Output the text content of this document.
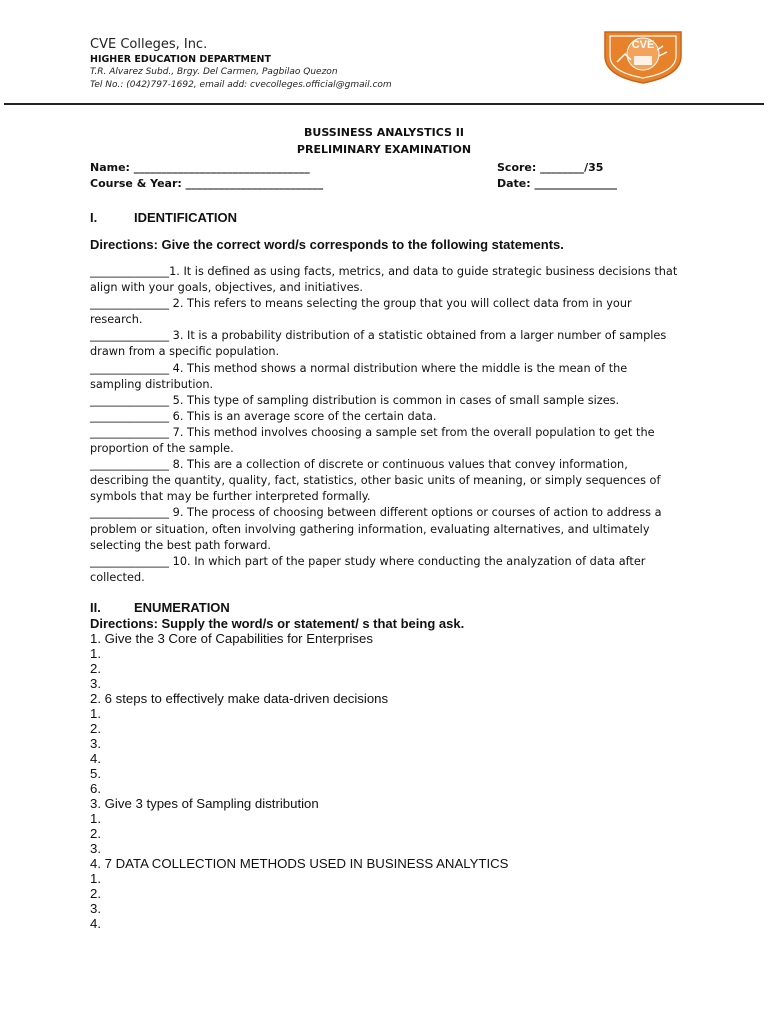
CVE Colleges, Inc.
HIGHER EDUCATION DEPARTMENT
T.R. Alvarez Subd., Brgy. Del Carmen, Pagbilao Quezon
Tel No.: (042)797-1692, email add: cvecolleges.official@gmail.com
CVE
BUSSINESS ANALYSTICS II
PRELIMINARY EXAMINATION
Name: ________________________________	Score: ________/35
Course & Year: _________________________	Date: _______________
I.	IDENTIFICATION
Directions: Give the correct word/s corresponds to the following statements.

______________1. It is defined as using facts, metrics, and data to guide strategic business decisions that align with your goals, objectives, and initiatives.

______________ 2. This refers to means selecting the group that you will collect data from in your research.

______________ 3. It is a probability distribution of a statistic obtained from a larger number of samples drawn from a specific population.

______________ 4. This method shows a normal distribution where the middle is the mean of the sampling distribution.

______________ 5. This type of sampling distribution is common in cases of small sample sizes.

______________ 6. This is an average score of the certain data.

______________ 7. This method involves choosing a sample set from the overall population to get the proportion of the sample.

______________ 8. This are a collection of discrete or continuous values that convey information, describing the quantity, quality, fact, statistics, other basic units of meaning, or simply sequences of symbols that may be further interpreted formally.

______________ 9. The process of choosing between different options or courses of action to address a problem or situation, often involving gathering information, evaluating alternatives, and ultimately selecting the best path forward.

______________ 10. In which part of the paper study where conducting the analyzation of data after collected.

II.	ENUMERATION
Directions: Supply the word/s or statement/ s that being ask.
1. Give the 3 Core of Capabilities for Enterprises
1.
2.
3.
2. 6 steps to effectively make data-driven decisions
1.
2.
3.
4.
5.
6.
3. Give 3 types of Sampling distribution
1.
2.
3.
4. 7 DATA COLLECTION METHODS USED IN BUSINESS ANALYTICS
1.
2.
3.
4.
